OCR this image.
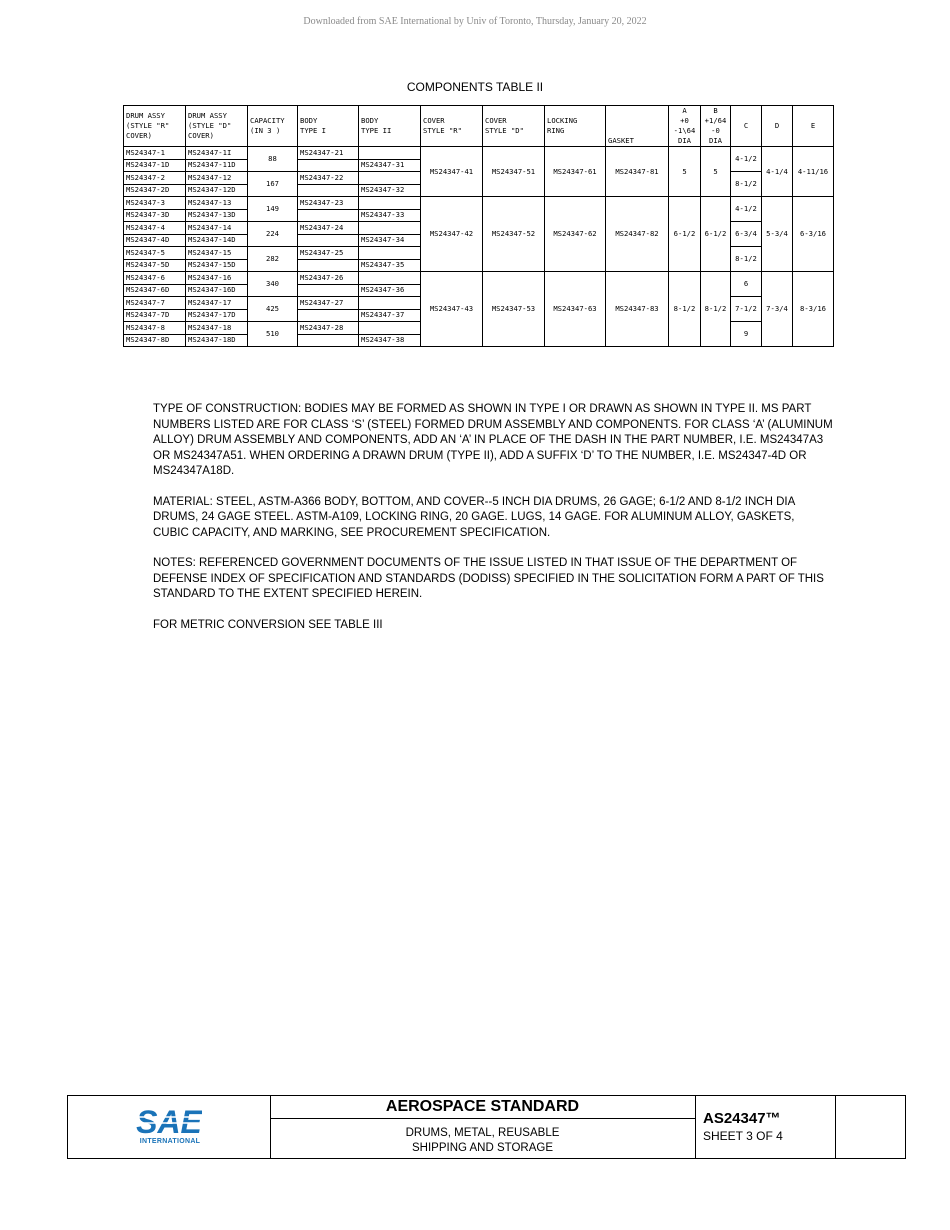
Downloaded from SAE International by Univ of Toronto, Thursday, January 20, 2022
COMPONENTS TABLE II
DRUM ASSY
(STYLE "R"
COVER)	DRUM ASSY
(STYLE "D"
COVER)	CAPACITY
(IN 3 )	BODY
TYPE I	BODY
TYPE II	COVER
STYLE "R"	COVER
STYLE "D"	LOCKING
RING	GASKET	A
+0
-1\64
DIA	B
+1/64
-0
DIA	C	D	E
MS24347-1	MS24347-1I	88	MS24347-21		MS24347-41	MS24347-51	MS24347-61	MS24347-81	5	5	4-1/2	4-1/4	4-11/16
MS24347-1D	MS24347-11D			MS24347-31									
MS24347-2	MS24347-12	167	MS24347-22								8-1/2		
MS24347-2D	MS24347-12D			MS24347-32									
MS24347-3	MS24347-13	149	MS24347-23		MS24347-42	MS24347-52	MS24347-62	MS24347-82	6-1/2	6-1/2	4-1/2	5-3/4	6-3/16
MS24347-3D	MS24347-13D			MS24347-33									
MS24347-4	MS24347-14	224	MS24347-24								6-3/4		
MS24347-4D	MS24347-14D			MS24347-34									
MS24347-5	MS24347-15	282	MS24347-25								8-1/2		
MS24347-5D	MS24347-15D			MS24347-35									
MS24347-6	MS24347-16	340	MS24347-26		MS24347-43	MS24347-53	MS24347-63	MS24347-83	8-1/2	8-1/2	6	7-3/4	8-3/16
MS24347-6D	MS24347-16D			MS24347-36									
MS24347-7	MS24347-17	425	MS24347-27								7-1/2		
MS24347-7D	MS24347-17D			MS24347-37									
MS24347-8	MS24347-18	510	MS24347-28								9		
MS24347-8D	MS24347-18D			MS24347-38									

TYPE OF CONSTRUCTION: BODIES MAY BE FORMED AS SHOWN IN TYPE I OR DRAWN AS SHOWN IN TYPE II. MS PART NUMBERS LISTED ARE FOR CLASS ‘S’ (STEEL) FORMED DRUM ASSEMBLY AND COMPONENTS. FOR CLASS ‘A’ (ALUMINUM ALLOY) DRUM ASSEMBLY AND COMPONENTS, ADD AN ‘A’ IN PLACE OF THE DASH IN THE PART NUMBER, I.E. MS24347A3 OR MS24347A51. WHEN ORDERING A DRAWN DRUM (TYPE II), ADD A SUFFIX ‘D’ TO THE NUMBER, I.E. MS24347-4D OR MS24347A18D.

MATERIAL: STEEL, ASTM-A366 BODY, BOTTOM, AND COVER--5 INCH DIA DRUMS, 26 GAGE; 6-1/2 AND 8-1/2 INCH DIA DRUMS, 24 GAGE STEEL. ASTM-A109, LOCKING RING, 20 GAGE. LUGS, 14 GAGE. FOR ALUMINUM ALLOY, GASKETS, CUBIC CAPACITY, AND MARKING, SEE PROCUREMENT SPECIFICATION.

NOTES: REFERENCED GOVERNMENT DOCUMENTS OF THE ISSUE LISTED IN THAT ISSUE OF THE DEPARTMENT OF DEFENSE INDEX OF SPECIFICATION AND STANDARDS (DODISS) SPECIFIED IN THE SOLICITATION FORM A PART OF THIS STANDARD TO THE EXTENT SPECIFIED HEREIN.

FOR METRIC CONVERSION SEE TABLE III

SAE
INTERNATIONAL
AEROSPACE STANDARD
DRUMS, METAL, REUSABLE
SHIPPING AND STORAGE
AS24347™
SHEET 3 OF 4
